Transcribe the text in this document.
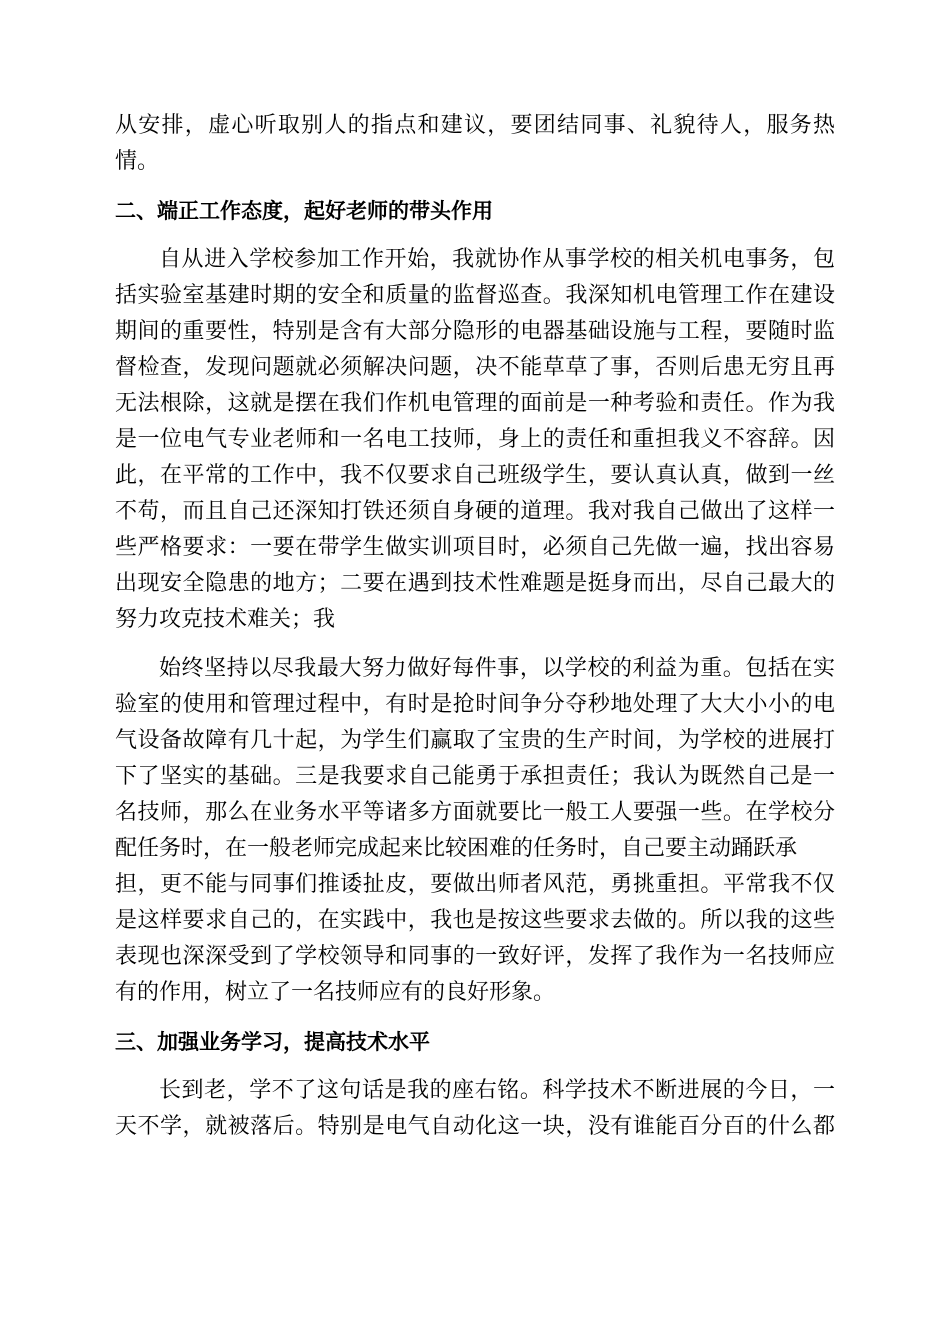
从安排，虚心听取别人的指点和建议，要团结同事、礼貌待人，服务热
情。
二、端正工作态度，起好老师的带头作用
自从进入学校参加工作开始，我就协作从事学校的相关机电事务，包
括实验室基建时期的安全和质量的监督巡查。我深知机电管理工作在建设
期间的重要性，特别是含有大部分隐形的电器基础设施与工程，要随时监
督检查，发现问题就必须解决问题，决不能草草了事，否则后患无穷且再
无法根除，这就是摆在我们作机电管理的面前是一种考验和责任。作为我
是一位电气专业老师和一名电工技师，身上的责任和重担我义不容辞。因
此，在平常的工作中，我不仅要求自己班级学生，要认真认真，做到一丝
不苟，而且自己还深知打铁还须自身硬的道理。我对我自己做出了这样一
些严格要求：一要在带学生做实训项目时，必须自己先做一遍，找出容易
出现安全隐患的地方；二要在遇到技术性难题是挺身而出，尽自己最大的
努力攻克技术难关；我
始终坚持以尽我最大努力做好每件事，以学校的利益为重。包括在实
验室的使用和管理过程中，有时是抢时间争分夺秒地处理了大大小小的电
气设备故障有几十起，为学生们赢取了宝贵的生产时间，为学校的进展打
下了坚实的基础。三是我要求自己能勇于承担责任；我认为既然自己是一
名技师，那么在业务水平等诸多方面就要比一般工人要强一些。在学校分
配任务时，在一般老师完成起来比较困难的任务时，自己要主动踊跃承
担，更不能与同事们推诿扯皮，要做出师者风范，勇挑重担。平常我不仅
是这样要求自己的，在实践中，我也是按这些要求去做的。所以我的这些
表现也深深受到了学校领导和同事的一致好评，发挥了我作为一名技师应
有的作用，树立了一名技师应有的良好形象。
三、加强业务学习，提高技术水平
长到老，学不了这句话是我的座右铭。科学技术不断进展的今日，一
天不学，就被落后。特别是电气自动化这一块，没有谁能百分百的什么都
